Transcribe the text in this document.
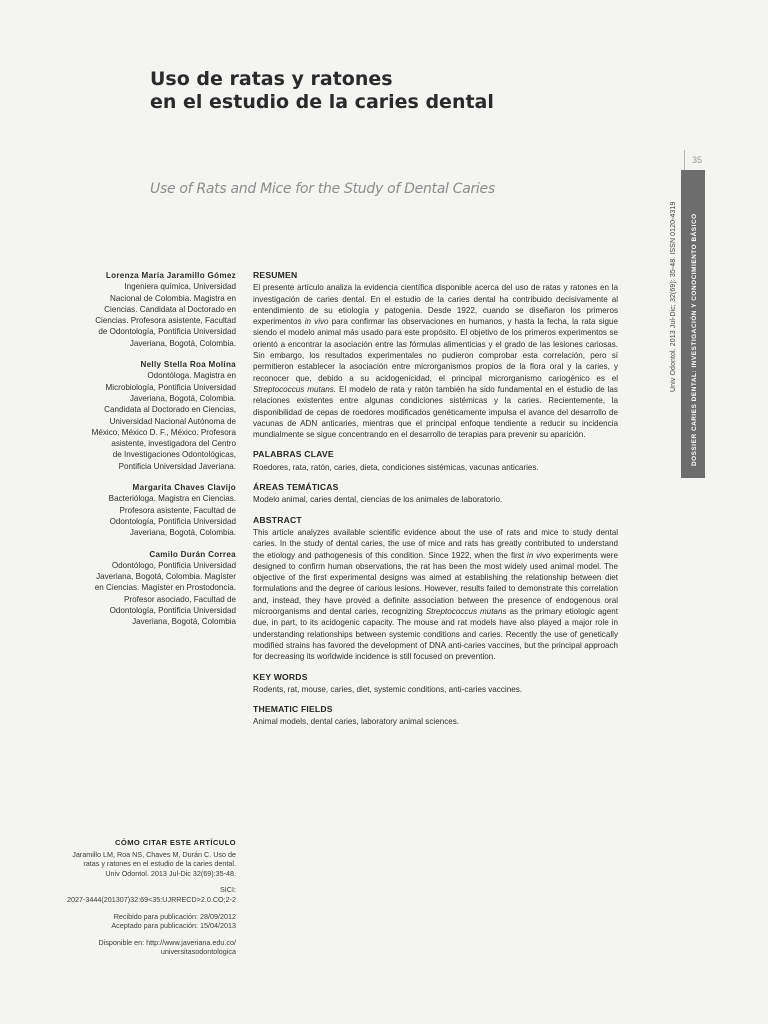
Uso de ratas y ratones
en el estudio de la caries dental
Use of Rats and Mice for the Study of Dental Caries
35
DOSSIER CARIES DENTAL: INVESTIGACIÓN Y CONOCIMIENTO BÁSICO
Univ Odontol. 2013 Jul-Dic; 32(69): 35-48. ISSN 0120-4319
Lorenza María Jaramillo Gómez
Ingeniera química, Universidad
Nacional de Colombia. Magistra en
Ciencias. Candidata al Doctorado en
Ciencias. Profesora asistente, Facultad
de Odontología, Pontificia Universidad
Javeriana, Bogotá, Colombia.
Nelly Stella Roa Molina
Odontóloga. Magistra en
Microbiología, Pontificia Universidad
Javeriana, Bogotá, Colombia.
Candidata al Doctorado en Ciencias,
Universidad Nacional Autónoma de
México, México D. F., México. Profesora
asistente, investigadora del Centro
de Investigaciones Odontológicas,
Pontificia Universidad Javeriana.
Margarita Chaves Clavijo
Bacterióloga. Magistra en Ciencias.
Profesora asistente, Facultad de
Odontología, Pontificia Universidad
Javeriana, Bogotá, Colombia.
Camilo Durán Correa
Odontólogo, Pontificia Universidad
Javeriana, Bogotá, Colombia. Magíster
en Ciencias. Magíster en Prostodoncia.
Profesor asociado, Facultad de
Odontología, Pontificia Universidad
Javeriana, Bogotá, Colombia
RESUMEN

El presente artículo analiza la evidencia científica disponible acerca del uso de ratas y ratones en la investigación de caries dental. En el estudio de la caries dental ha contribuido decisivamente al entendimiento de su etiología y patogenia. Desde 1922, cuando se diseñaron los primeros experimentos in vivo para confirmar las observaciones en humanos, y hasta la fecha, la rata sigue siendo el modelo animal más usado para este propósito. El objetivo de los primeros experimentos se orientó a encontrar la asociación entre las fórmulas alimenticias y el grado de las lesiones cariosas. Sin embargo, los resultados experimentales no pudieron comprobar esta correlación, pero sí permitieron establecer la asociación entre microrganismos propios de la flora oral y la caries, y reconocer que, debido a su acidogenicidad, el principal microrganismo cariogénico es el Streptococcus mutans. El modelo de rata y ratón también ha sido fundamental en el estudio de las relaciones existentes entre algunas condiciones sistémicas y la caries. Recientemente, la disponibilidad de cepas de roedores modificados genéticamente impulsa el avance del desarrollo de vacunas de ADN anticaries, mientras que el principal enfoque tendiente a reducir su incidencia mundialmente se sigue concentrando en el desarrollo de terapias para prevenir su aparición.

PALABRAS CLAVE

Roedores, rata, ratón, caries, dieta, condiciones sistémicas, vacunas anticaries.

ÁREAS TEMÁTICAS

Modelo animal, caries dental, ciencias de los animales de laboratorio.

ABSTRACT

This article analyzes available scientific evidence about the use of rats and mice to study dental caries. In the study of dental caries, the use of mice and rats has greatly contributed to understand the etiology and pathogenesis of this condition. Since 1922, when the first in vivo experiments were designed to confirm human observations, the rat has been the most widely used animal model. The objective of the first experimental designs was aimed at establishing the relationship between diet formulations and the degree of carious lesions. However, results failed to demonstrate this correlation and, instead, they have proved a definite association between the presence of endogenous oral microorganisms and dental caries, recognizing Streptococcus mutans as the primary etiologic agent due, in part, to its acidogenic capacity. The mouse and rat models have also played a major role in understanding relationships between systemic conditions and caries. Recently the use of genetically modified strains has favored the development of DNA anti-caries vaccines, but the principal approach for decreasing its worldwide incidence is still focused on prevention.

KEY WORDS

Rodents, rat, mouse, caries, diet, systemic conditions, anti-caries vaccines.

THEMATIC FIELDS

Animal models, dental caries, laboratory animal sciences.

CÓMO CITAR ESTE ARTÍCULO

Jaramillo LM, Roa NS, Chaves M, Durán C. Uso de
ratas y ratones en el estudio de la caries dental.
Univ Odontol. 2013 Jul-Dic 32(69):35-48.

SICI:
2027-3444(201307)32:69<35:UJRRECD>2.0.CO;2-2

Recibido para publicación: 28/09/2012
Aceptado para publicación: 15/04/2013

Disponible en: http://www.javeriana.edu.co/
universitasodontologica
